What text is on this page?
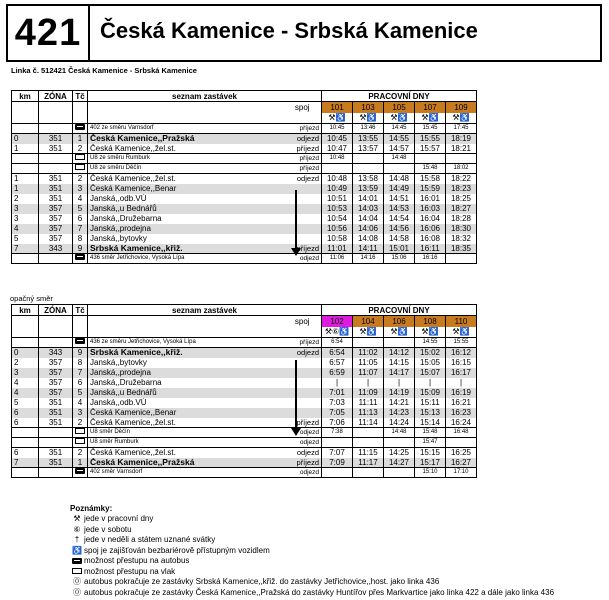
421 Česká Kamenice - Srbská Kamenice
Linka č. 512421 Česká Kamenice - Srbská Kamenice
km	ZÓNA	Tč	seznam zastávek		PRACOVNÍ DNY				
				spoj	101	103	105	107	109
					⚒♿	⚒♿	⚒♿	⚒♿	⚒♿
			402 ze směru Varnsdorf	příjezd	10:45	13:46	14:45	15:45	17:45
0	351	1	Česká Kamenice,,Pražská	odjezd	10:45	13:55	14:55	15:55	18:19
1	351	2	Česká Kamenice,,žel.st.	příjezd	10:47	13:57	14:57	15:57	18:21
			U8 ze směru Rumburk	příjezd	10:48		14:48		
			U8 ze směru Děčín	příjezd				15:48	18:02
1	351	2	Česká Kamenice,,žel.st.	odjezd	10:48	13:58	14:48	15:58	18:22
1	351	3	Česká Kamenice,,Benar		10:49	13:59	14:49	15:59	18:23
2	351	4	Janská,,odb.VÚ		10:51	14:01	14:51	16:01	18:25
3	357	5	Janská,,u Bednářů		10:53	14:03	14:53	16:03	18:27
3	357	6	Janská,,Družebarna		10:54	14:04	14:54	16:04	18:28
4	357	7	Janská,,prodejna		10:56	14:06	14:56	16:06	18:30
5	357	8	Janská,,bytovky		10:58	14:08	14:58	16:08	18:32
7	343	9	Srbská Kamenice,,křiž.	příjezd	11:01	14:11	15:01	16:11	18:35
			436 směr Jetřichovice, Vysoká Lípa	odjezd	11:06	14:16	15:06	16:16	
opačný směr
km	ZÓNA	Tč	seznam zastávek		PRACOVNÍ DNY				
				spoj	102	104	106	108	110
					⚒⑥♿	⚒♿	⚒♿	⚒♿	⚒♿
			436 ze směru Jetřichovice, Vysoká Lípa	příjezd	6:54			14:55	15:55
0	343	9	Srbská Kamenice,,křiž.	odjezd	6:54	11:02	14:12	15:02	16:12
2	357	8	Janská,,bytovky		6:57	11:05	14:15	15:05	16:15
3	357	7	Janská,,prodejna		6:59	11:07	14:17	15:07	16:17
4	357	6	Janská,,Družebarna		|	|	|	|	|
4	357	5	Janská,,u Bednářů		7:01	11:09	14:19	15:09	16:19
5	351	4	Janská,,odb.VÚ		7:03	11:11	14:21	15:11	16:21
6	351	3	Česká Kamenice,,Benar		7:05	11:13	14:23	15:13	16:23
6	351	2	Česká Kamenice,,žel.st.	příjezd	7:06	11:14	14:24	15:14	16:24
			U8 směr Děčín	odjezd	7:38		14:48	15:48	16:48
			U8 směr Rumburk	odjezd				15:47	
6	351	2	Česká Kamenice,,žel.st.	odjezd	7:07	11:15	14:25	15:15	16:25
7	351	1	Česká Kamenice,,Pražská	příjezd	7:09	11:17	14:27	15:17	16:27
			402 směr Varnsdorf	odjezd				15:10	17:10
Poznámky:
⚒ jede v pracovní dny
⑥ jede v sobotu
† jede v neděli a státem uznané svátky
♿ spoj je zajišťován bezbariérově přístupným vozidlem
možnost přestupu na autobus
možnost přestupu na vlak
⓪ autobus pokračuje ze zastávky Srbská Kamenice,,křiž. do zastávky Jetřichovice,,host. jako linka 436
⓪ autobus pokračuje ze zastávky Česká Kamenice,,Pražská do zastávky Huntířov přes Markvartice jako linka 422 a dále jako linka 436
